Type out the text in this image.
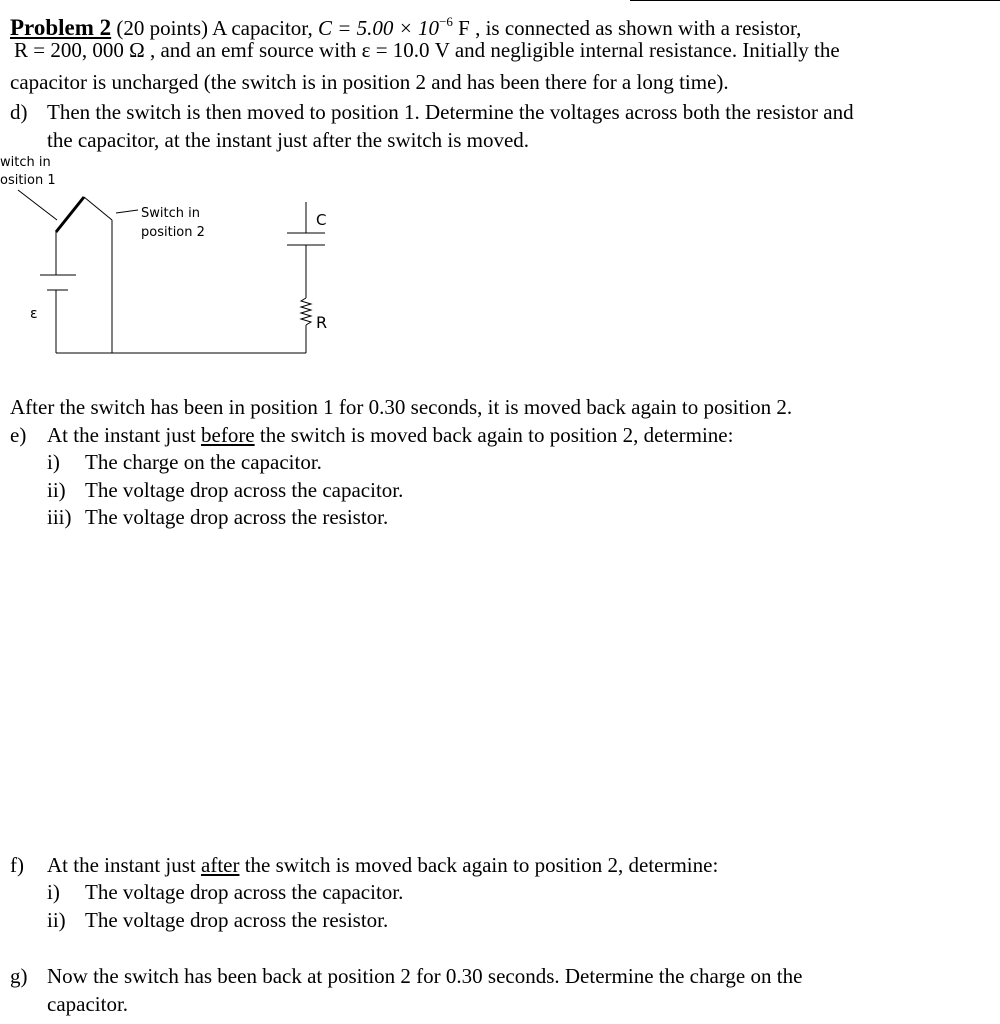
Problem 2 (20 points) A capacitor, $C = 5.00 \times 10^{-6}$ F , is connected as shown with a resistor,
R = 200, 000 Ω , and an emf source with ε = 10.0 V and negligible internal resistance. Initially the
capacitor is uncharged (the switch is in position 2 and has been there for a long time).
d) Then the switch is then moved to position 1. Determine the voltages across both the resistor and
the capacitor, at the instant just after the switch is moved.
witch in
osition 1
Switch in
position 2
ε
C
R
After the switch has been in position 1 for 0.30 seconds, it is moved back again to position 2.
e) At the instant just before the switch is moved back again to position 2, determine:
i) The charge on the capacitor.
ii) The voltage drop across the capacitor.
iii) The voltage drop across the resistor.
f) At the instant just after the switch is moved back again to position 2, determine:
i) The voltage drop across the capacitor.
ii) The voltage drop across the resistor.
g) Now the switch has been back at position 2 for 0.30 seconds. Determine the charge on the
capacitor.
